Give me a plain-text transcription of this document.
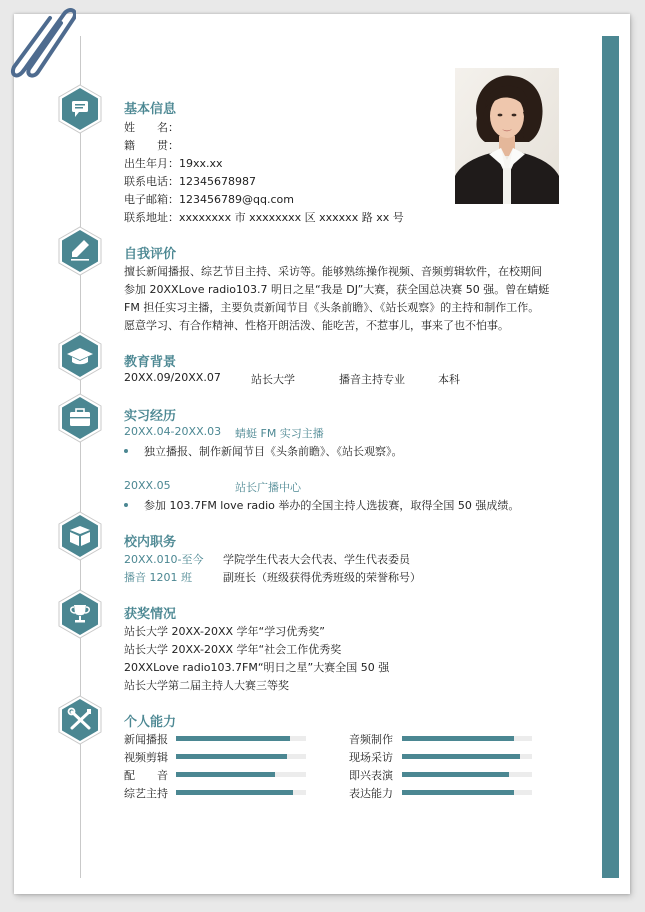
基本信息
姓　　名：
籍　　贯：
出生年月：19xx.xx
联系电话：12345678987
电子邮箱：123456789@qq.com
联系地址：xxxxxxxx 市 xxxxxxxx 区 xxxxxx 路 xx 号
自我评价
擅长新闻播报、综艺节目主持、采访等。能够熟练操作视频、音频剪辑软件，在校期间
参加 20XXLove radio103.7 明日之星“我是 DJ”大赛，获全国总决赛 50 强。曾在蜻蜓
FM 担任实习主播，主要负责新闻节目《头条前瞻》、《站长观察》的主持和制作工作。
愿意学习、有合作精神、性格开朗活泼、能吃苦，不惹事儿，事来了也不怕事。
教育背景
20XX.09/20XX.07	站长大学	播音主持专业	本科
实习经历
20XX.04-20XX.03 蜻蜓 FM 实习主播
独立播报、制作新闻节目《头条前瞻》、《站长观察》。
20XX.05	站长广播中心
参加 103.7FM love radio 举办的全国主持人选拔赛，取得全国 50 强成绩。
校内职务
20XX.010-至今 学院学生代表大会代表、学生代表委员
播音 1201 班	副班长（班级获得优秀班级的荣誉称号）
获奖情况
站长大学 20XX-20XX 学年“学习优秀奖”
站长大学 20XX-20XX 学年“社会工作优秀奖
20XXLove radio103.7FM“明日之星”大赛全国 50 强
站长大学第二届主持人大赛三等奖
个人能力
新闻播报
视频剪辑
配　　音
综艺主持
音频制作
现场采访
即兴表演
表达能力
